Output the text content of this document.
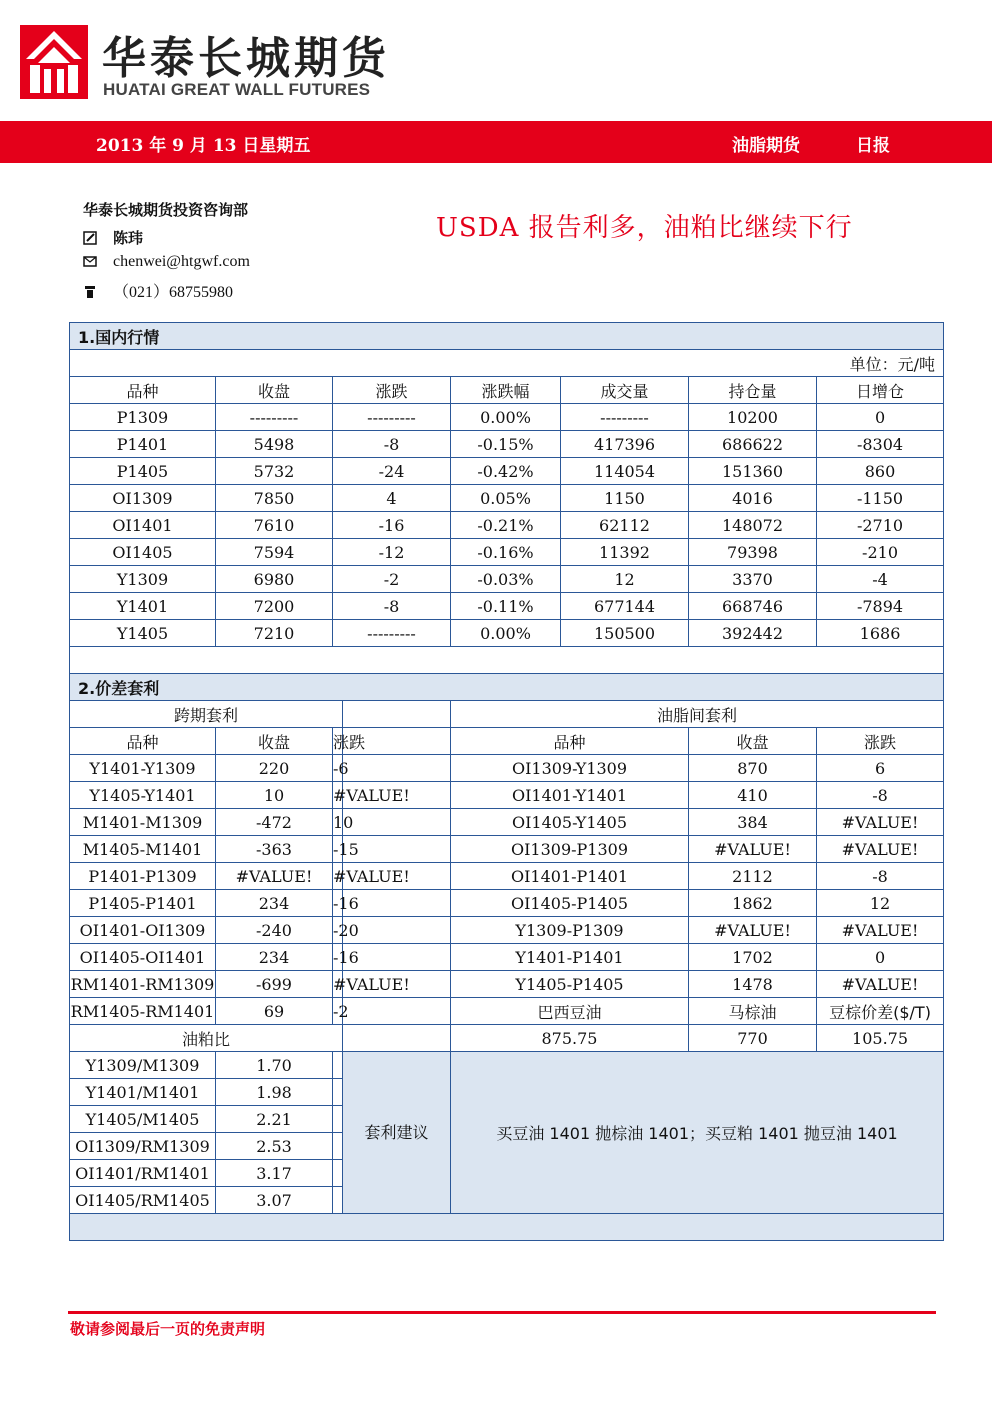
华泰长城期货
HUATAI GREAT WALL FUTURES
2013 年 9 月 13 日星期五	油脂期货	日报
华泰长城期货投资咨询部
陈玮
chenwei@htgwf.com
（021）68755980
USDA 报告利多，油粕比继续下行
1.国内行情							
单位：元/吨							
品种	收盘	涨跌		涨跌幅	成交量	持仓量	日增仓
P1309	---------	---------		0.00%	---------	10200	0
P1401	5498	-8		-0.15%	417396	686622	-8304
P1405	5732	-24		-0.42%	114054	151360	860
OI1309	7850	4		0.05%	1150	4016	-1150
OI1401	7610	-16		-0.21%	62112	148072	-2710
OI1405	7594	-12		-0.16%	11392	79398	-210
Y1309	6980	-2		-0.03%	12	3370	-4
Y1401	7200	-8		-0.11%	677144	668746	-7894
Y1405	7210	---------		0.00%	150500	392442	1686

2.价差套利							
跨期套利				油脂间套利			
品种	收盘	涨跌		品种		收盘	涨跌
Y1401-Y1309	220	-6		OI1309-Y1309		870	6
Y1405-Y1401	10	#VALUE!		OI1401-Y1401		410	-8
M1401-M1309	-472	10		OI1405-Y1405		384	#VALUE!
M1405-M1401	-363	-15		OI1309-P1309		#VALUE!	#VALUE!
P1401-P1309	#VALUE!	#VALUE!		OI1401-P1401		2112	-8
P1405-P1401	234	-16		OI1405-P1405		1862	12
OI1401-OI1309	-240	-20		Y1309-P1309		#VALUE!	#VALUE!
OI1405-OI1401	234	-16		Y1401-P1401		1702	0
RM1401-RM1309	-699	#VALUE!		Y1405-P1405		1478	#VALUE!
RM1405-RM1401	69	-2		巴西豆油		马棕油	豆棕价差($/T)
油粕比				875.75		770	105.75
Y1309/M1309	1.70		套利建议	买豆油 1401 抛棕油 1401；买豆粕 1401 抛豆油 1401			
Y1401/M1401	1.98						
Y1405/M1405	2.21						
OI1309/RM1309	2.53						
OI1401/RM1401	3.17						
OI1405/RM1405	3.07						

敬请参阅最后一页的免责声明
